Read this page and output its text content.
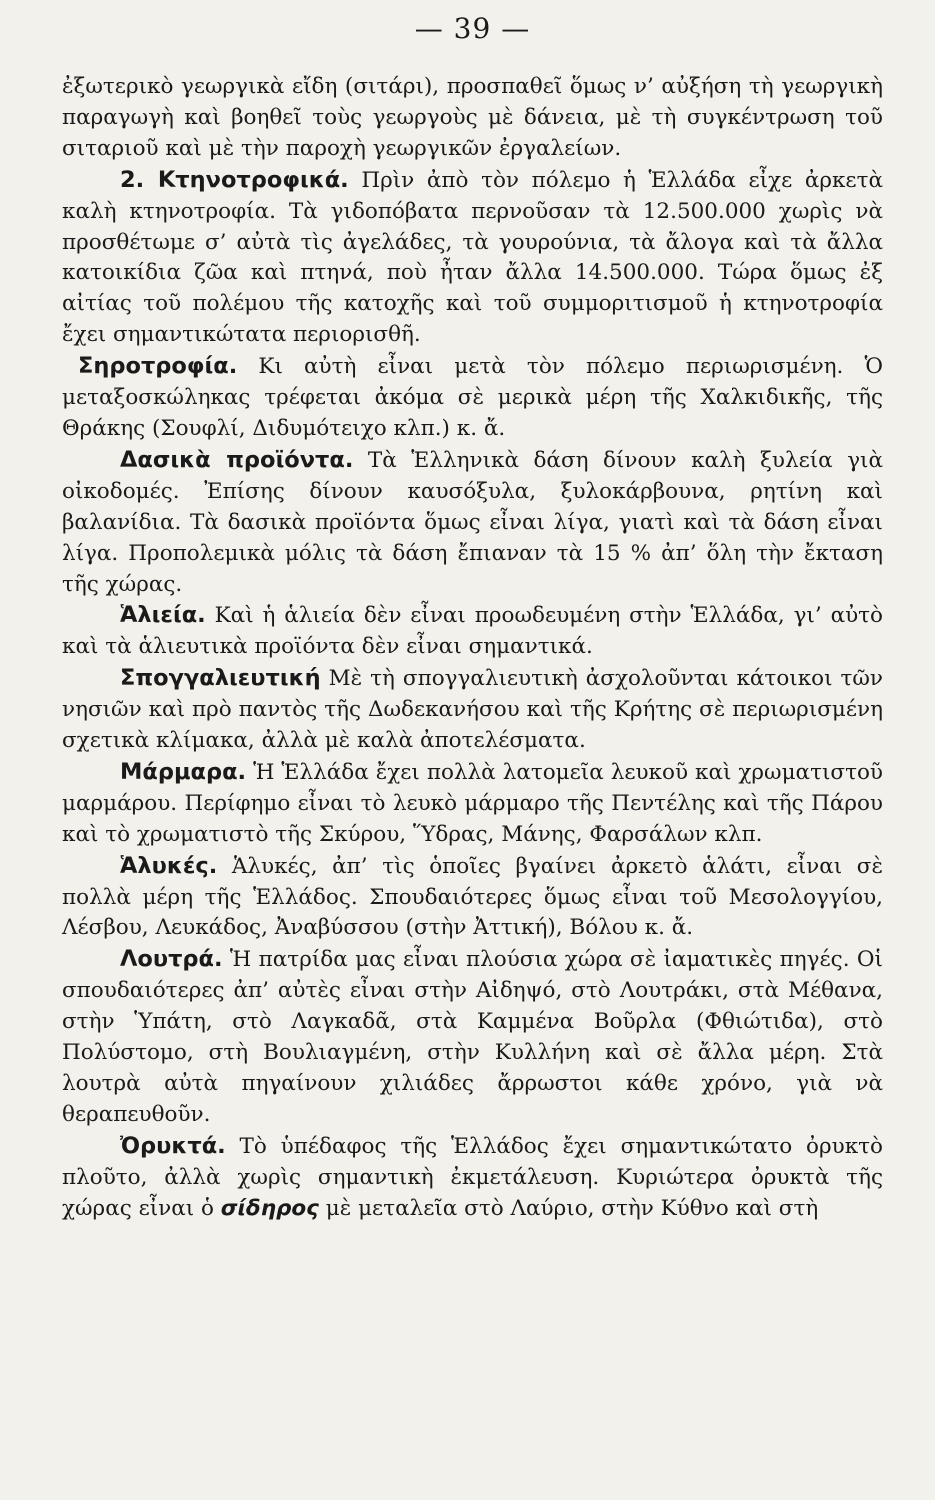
— 39 —

ἐξωτερικὸ γεωργικὰ εἴδη (σιτάρι), προσπαθεῖ ὅμως ν’ αὐξήση τὴ γεωργικὴ παραγωγὴ καὶ βοηθεῖ τοὺς γεωργοὺς μὲ δάνεια, μὲ τὴ συγκέντρωση τοῦ σιταριοῦ καὶ μὲ τὴν παροχὴ γεωργικῶν ἐργαλείων.

2. Κτηνοτροφικά. Πρὶν ἀπὸ τὸν πόλεμο ἡ Ἑλλάδα εἶχε ἀρκετὰ καλὴ κτηνοτροφία. Τὰ γιδοπόβατα περνοῦσαν τὰ 12.500.000 χωρὶς νὰ προσθέτωμε σ’ αὐτὰ τὶς ἀγελάδες, τὰ γουρούνια, τὰ ἄλογα καὶ τὰ ἄλλα κατοικίδια ζῶα καὶ πτηνά, ποὺ ἦταν ἄλλα 14.500.000. Τώρα ὅμως ἐξ αἰτίας τοῦ πολέμου τῆς κατοχῆς καὶ τοῦ συμμοριτισμοῦ ἡ κτηνοτροφία ἔχει σημαντικώτατα περιορισθῆ.

Σηροτροφία. Κι αὐτὴ εἶναι μετὰ τὸν πόλεμο περιωρισμένη. Ὁ μεταξοσκώληκας τρέφεται ἀκόμα σὲ μερικὰ μέρη τῆς Χαλκιδικῆς, τῆς Θράκης (Σουφλί, Διδυμότειχο κλπ.) κ. ἄ.

Δασικὰ προϊόντα. Τὰ Ἑλληνικὰ δάση δίνουν καλὴ ξυλεία γιὰ οἰκοδομές. Ἐπίσης δίνουν καυσόξυλα, ξυλοκάρβουνα, ρητίνη καὶ βαλανίδια. Τὰ δασικὰ προϊόντα ὅμως εἶναι λίγα, γιατὶ καὶ τὰ δάση εἶναι λίγα. Προπολεμικὰ μόλις τὰ δάση ἔπιαναν τὰ 15 % ἀπ’ ὅλη τὴν ἔκταση τῆς χώρας.

Ἁλιεία. Καὶ ἡ ἁλιεία δὲν εἶναι προωδευμένη στὴν Ἑλλάδα, γι’ αὐτὸ καὶ τὰ ἁλιευτικὰ προϊόντα δὲν εἶναι σημαντικά.

Σπογγαλιευτική Μὲ τὴ σπογγαλιευτικὴ ἀσχολοῦνται κάτοικοι τῶν νησιῶν καὶ πρὸ παντὸς τῆς Δωδεκανήσου καὶ τῆς Κρήτης σὲ περιωρισμένη σχετικὰ κλίμακα, ἀλλὰ μὲ καλὰ ἀποτελέσματα.

Μάρμαρα. Ἡ Ἑλλάδα ἔχει πολλὰ λατομεῖα λευκοῦ καὶ χρωματιστοῦ μαρμάρου. Περίφημο εἶναι τὸ λευκὸ μάρμαρο τῆς Πεντέλης καὶ τῆς Πάρου καὶ τὸ χρωματιστὸ τῆς Σκύρου, Ὕδρας, Μάνης, Φαρσάλων κλπ.

Ἁλυκές. Ἁλυκές, ἀπ’ τὶς ὁποῖες βγαίνει ἀρκετὸ ἁλάτι, εἶναι σὲ πολλὰ μέρη τῆς Ἑλλάδος. Σπουδαιότερες ὅμως εἶναι τοῦ Μεσολογγίου, Λέσβου, Λευκάδος, Ἀναβύσσου (στὴν Ἀττική), Βόλου κ. ἄ.

Λουτρά. Ἡ πατρίδα μας εἶναι πλούσια χώρα σὲ ἰαματικὲς πηγές. Οἱ σπουδαιότερες ἀπ’ αὐτὲς εἶναι στὴν Αἰδηψό, στὸ Λουτράκι, στὰ Μέθανα, στὴν Ὑπάτη, στὸ Λαγκαδᾶ, στὰ Καμμένα Βοῦρλα (Φθιώτιδα), στὸ Πολύστομο, στὴ Βουλιαγμένη, στὴν Κυλλήνη καὶ σὲ ἄλλα μέρη. Στὰ λουτρὰ αὐτὰ πηγαίνουν χιλιάδες ἄρρωστοι κάθε χρόνο, γιὰ νὰ θεραπευθοῦν.

Ὀρυκτά. Τὸ ὑπέδαφος τῆς Ἑλλάδος ἔχει σημαντικώτατο ὀρυκτὸ πλοῦτο, ἀλλὰ χωρὶς σημαντικὴ ἐκμετάλευση. Κυριώτερα ὀρυκτὰ τῆς χώρας εἶναι ὁ σίδηρος μὲ μεταλεῖα στὸ Λαύριο, στὴν Κύθνο καὶ στὴ
